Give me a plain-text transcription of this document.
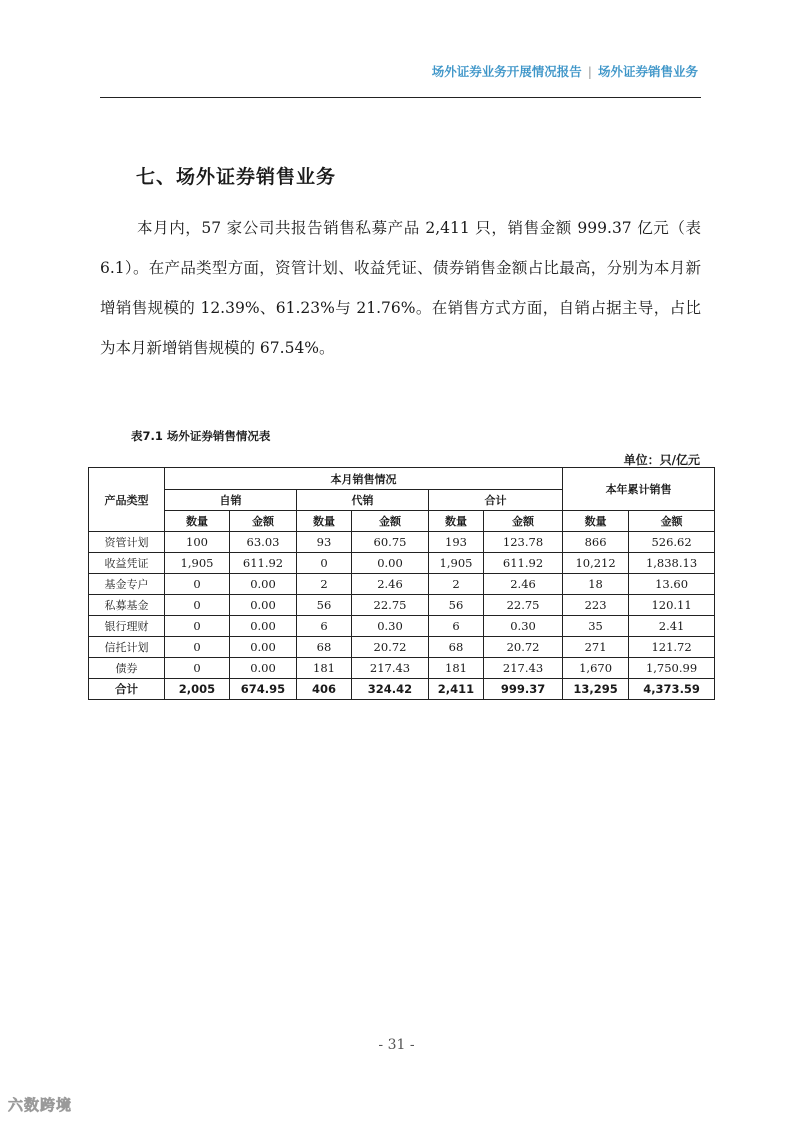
场外证券业务开展情况报告 | 场外证券销售业务
七、场外证券销售业务

本月内，57 家公司共报告销售私募产品 2,411 只，销售金额 999.37 亿元（表6.1）。在产品类型方面，资管计划、收益凭证、债券销售金额占比最高，分别为本月新增销售规模的 12.39%、61.23%与 21.76%。在销售方式方面，自销占据主导，占比为本月新增销售规模的 67.54%。

表7.1 场外证券销售情况表
单位：只/亿元
产品类型	本月销售情况						本年累计销售	
	自销		代销		合计			
	数量	金额	数量	金额	数量	金额	数量	金额
资管计划	100	63.03	93	60.75	193	123.78	866	526.62
收益凭证	1,905	611.92	0	0.00	1,905	611.92	10,212	1,838.13
基金专户	0	0.00	2	2.46	2	2.46	18	13.60
私募基金	0	0.00	56	22.75	56	22.75	223	120.11
银行理财	0	0.00	6	0.30	6	0.30	35	2.41
信托计划	0	0.00	68	20.72	68	20.72	271	121.72
债券	0	0.00	181	217.43	181	217.43	1,670	1,750.99
合计	2,005	674.95	406	324.42	2,411	999.37	13,295	4,373.59
- 31 -
六数跨境
